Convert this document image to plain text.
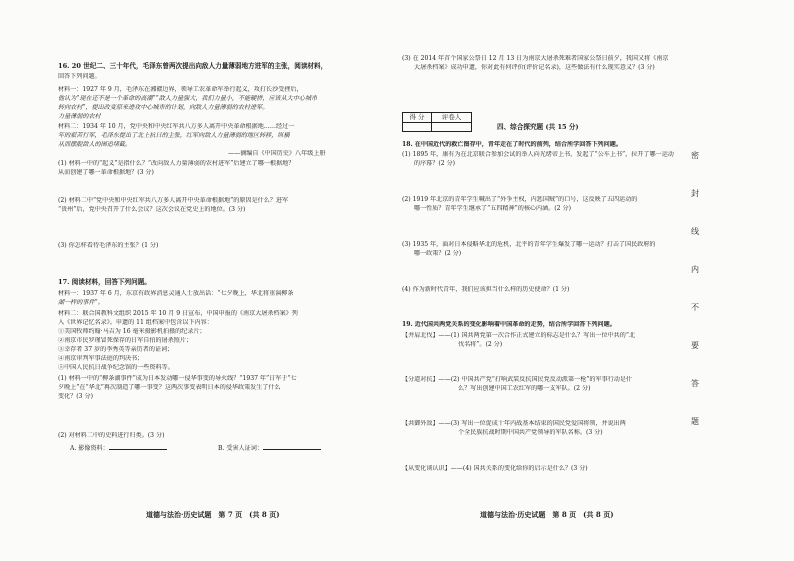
16. 20 世纪二、三十年代，毛泽东曾两次提出向敌人力量薄弱地方进军的主张，阅读材料，
回答下列问题。
材料一：1927 年 9 月，毛泽东在湘赣边界，领导工农革命军举行起义，攻打长沙受挫后，
他认为“现在还不是一个革命的高潮”“敌人力量强大，我们力量小，不能硬拼，应该从大中心城市
转向农村”，提出改变原来进攻中心城市的计划，向敌人力量薄弱的农村进军。
力量薄弱的农村
材料二：1934 年 10 月，党中央和中央红军共八万多人离开中央革命根据地……经过一
年的艰苦行军，毛泽东提出了北上抗日的主张，红军向敌人力量薄弱的地区转移，纵横
从而摆脱敌人的围追堵截。
——摘编自《中国历史》八年级上册
(1) 材料一中的“起义”是指什么？“改向敌人力量薄弱的农村进军”后建立了哪一根据地？
从而创建了哪一革命根据地？(3 分)
(2) 材料二中“党中央和中央红军共八万多人离开中央革命根据地”的原因是什么？进军
“贵州”后，党中央召开了什么会议？这次会议在党史上的地位。(3 分)
(3) 你怎样看待毛泽东的主张？(1 分)
17. 阅读材料，回答下列问题。
材料一：1937 年 6 月，东京有政界消息灵通人士放出话：“七夕晚上，华北将重演柳条
湖一样的事件”。
材料二：联合国教科文组织 2015 年 10 月 9 日宣布，中国申报的《南京大屠杀档案》列
入《世界记忆名录》。申遗的 11 组档案中包含以下内容：
①美国牧师约翰·马吉为 16 毫米摄影机拍摄的纪录片；
②南京市民罗瑾冒死保存的日军自拍的屠杀照片；
③幸存者 37 岁的李秀英等亲历者的证词；
④南京审判军事法庭的判决书；
⑤中国人民抗日战争纪念馆的一些资料等。
(1) 材料一中的“柳条湖事件”成为日本发动哪一侵华事变的导火线？“1937 年”日军于“七
夕晚上”在“华北”再次制造了哪一事变？这两次事变表明日本的侵华政策发生了什么
变化？(3 分)
(2) 对材料二中的史料进行归类。(3 分)
A. 影像资料：	B. 受害人证词：
道德与法治·历史试题　第 7 页　(共 8 页)
(3) 在 2014 年首个国家公祭日 12 月 13 日为南京大屠杀死难者国家公祭日前夕，我国又将《南京
大屠杀档案》成功申遗，你对此有何评价(评价记名录)，这些做法有什么现实意义？(3 分)
得 分	评卷人
四、综合探究题 (共 15 分)
18. 在中国近代的救亡图存中，青年走在了时代的前列，结合所学回答下列问题。
(1) 1895 年，康有为在北京联合参加会试的举人向光绪帝上书，发起了“公车上书”，拉开了哪一运动
的序幕？(2 分)
(2) 1919 年北京的青年学生喊出了“外争主权，内惩国贼”的口号，这反映了五四运动的
哪一性质？青年学生继承了“五四精神”的核心内涵。(2 分)
(3) 1935 年，面对日本侵略华北的危机，北平的青年学生爆发了哪一运动？打击了国民政府的
哪一政策？(2 分)
(4) 作为新时代青年，我们应该担当什么样的历史使命？(1 分)
19. 近代国共两党关系的变化影响着中国革命的走势，结合所学回答下列问题。
【并肩北伐】——(1) 国共两党第一次合作正式建立的标志是什么？写出一位中共的“北
伐名将”。(2 分)
【分道对抗】——(2) 中国共产党“打响武装反抗国民党反动派第一枪”的军事行动是什
么？写出创建中国工农红军的哪一支军队。(2 分)
【共御外敌】——(3) 写出一位促成十年内战基本结束的国民党爱国将领，并说出两
个全民族抗战时期中国共产党领导的军队名称。(3 分)
【从变化谈认识】——(4) 国共关系的变化给你的启示是什么？(3 分)
道德与法治·历史试题　第 8 页　(共 8 页)
密
封
线
内
不
要
答
题
